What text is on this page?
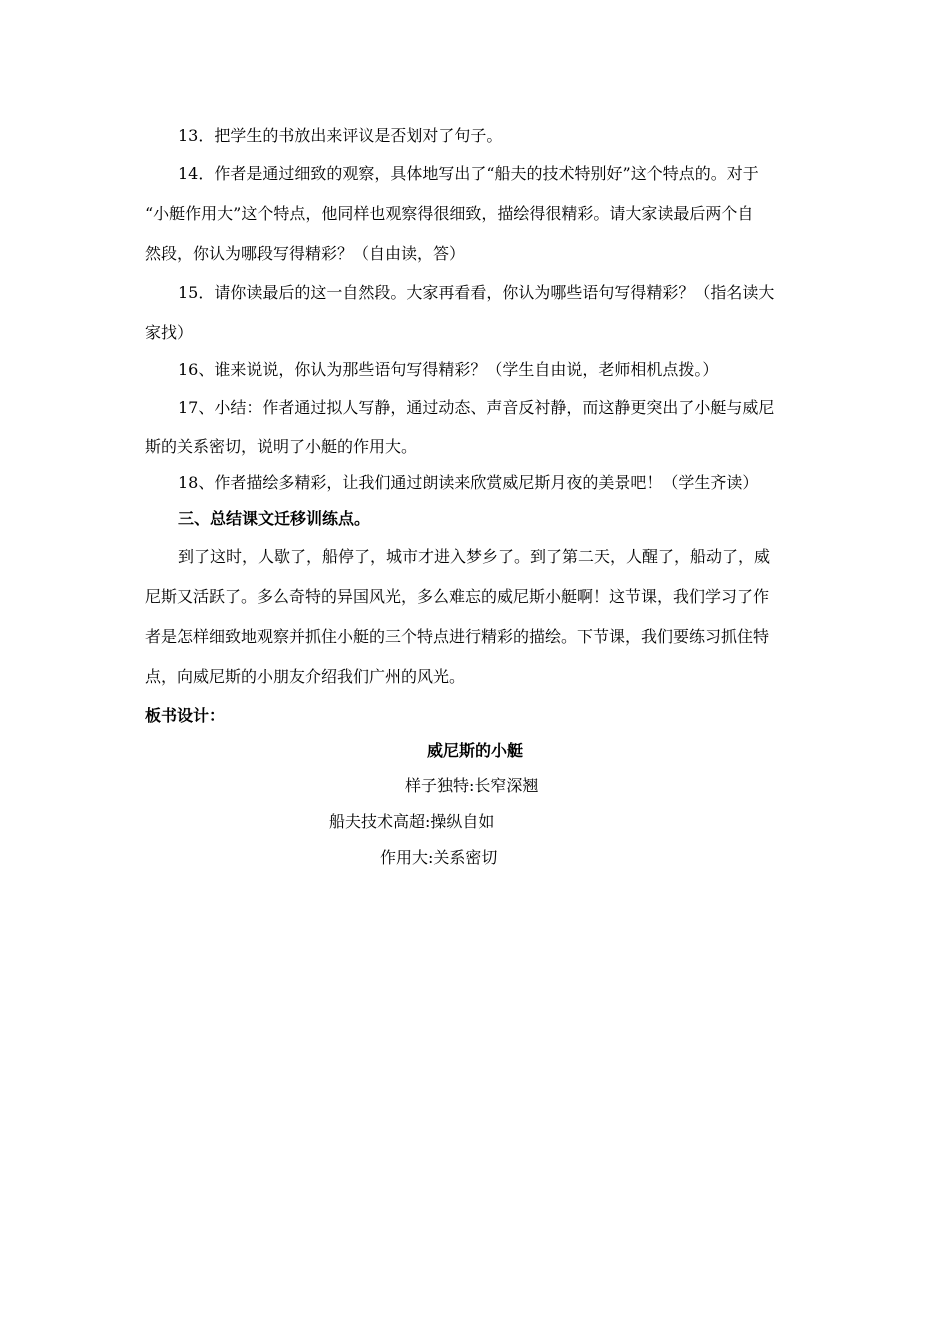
13．把学生的书放出来评议是否划对了句子。
14．作者是通过细致的观察，具体地写出了“船夫的技术特别好”这个特点的。对于
“小艇作用大”这个特点，他同样也观察得很细致，描绘得很精彩。请大家读最后两个自
然段，你认为哪段写得精彩？（自由读，答）
15．请你读最后的这一自然段。大家再看看，你认为哪些语句写得精彩？（指名读大
家找）
16、谁来说说，你认为那些语句写得精彩？（学生自由说，老师相机点拨。）
17、小结：作者通过拟人写静，通过动态、声音反衬静，而这静更突出了小艇与威尼
斯的关系密切，说明了小艇的作用大。
18、作者描绘多精彩，让我们通过朗读来欣赏威尼斯月夜的美景吧！（学生齐读）
三、总结课文迁移训练点。
到了这时，人歇了，船停了，城市才进入梦乡了。到了第二天，人醒了，船动了，威
尼斯又活跃了。多么奇特的异国风光，多么难忘的威尼斯小艇啊！这节课，我们学习了作
者是怎样细致地观察并抓住小艇的三个特点进行精彩的描绘。下节课，我们要练习抓住特
点，向威尼斯的小朋友介绍我们广州的风光。
板书设计：
威尼斯的小艇
样子独特:长窄深翘
船夫技术高超:操纵自如
作用大:关系密切
